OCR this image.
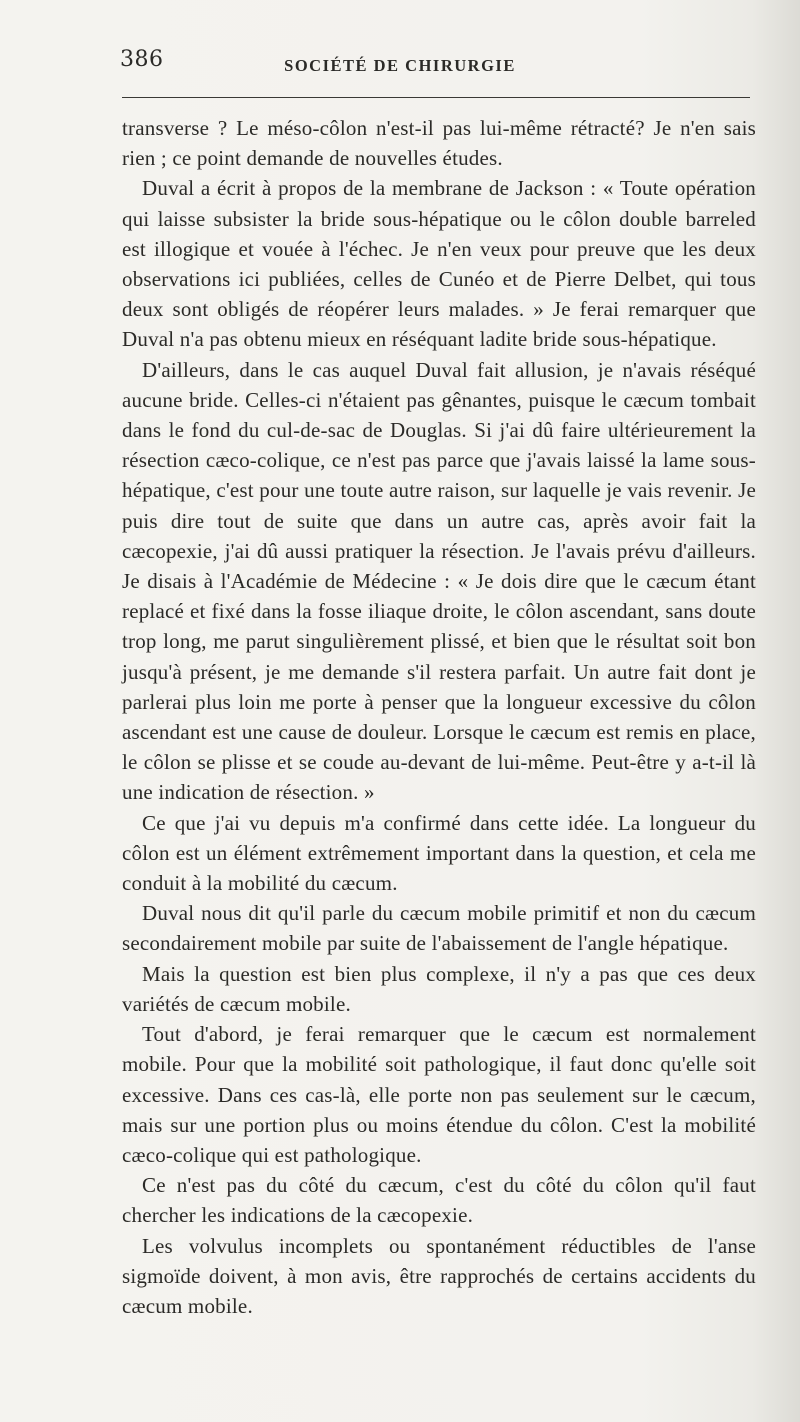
386	SOCIÉTÉ DE CHIRURGIE

transverse ? Le méso-côlon n'est-il pas lui-même rétracté? Je n'en sais rien ; ce point demande de nouvelles études.

Duval a écrit à propos de la membrane de Jackson : « Toute opération qui laisse subsister la bride sous-hépatique ou le côlon double barreled est illogique et vouée à l'échec. Je n'en veux pour preuve que les deux observations ici publiées, celles de Cunéo et de Pierre Delbet, qui tous deux sont obligés de réopérer leurs malades. » Je ferai remarquer que Duval n'a pas obtenu mieux en réséquant ladite bride sous-hépatique.

D'ailleurs, dans le cas auquel Duval fait allusion, je n'avais réséqué aucune bride. Celles-ci n'étaient pas gênantes, puisque le cæcum tombait dans le fond du cul-de-sac de Douglas. Si j'ai dû faire ultérieurement la résection cæco-colique, ce n'est pas parce que j'avais laissé la lame sous-hépatique, c'est pour une toute autre raison, sur laquelle je vais revenir. Je puis dire tout de suite que dans un autre cas, après avoir fait la cæcopexie, j'ai dû aussi pratiquer la résection. Je l'avais prévu d'ailleurs. Je disais à l'Académie de Médecine : « Je dois dire que le cæcum étant replacé et fixé dans la fosse iliaque droite, le côlon ascendant, sans doute trop long, me parut singulièrement plissé, et bien que le résultat soit bon jusqu'à présent, je me demande s'il restera parfait. Un autre fait dont je parlerai plus loin me porte à penser que la longueur excessive du côlon ascendant est une cause de douleur. Lorsque le cæcum est remis en place, le côlon se plisse et se coude au-devant de lui-même. Peut-être y a-t-il là une indication de résection. »

Ce que j'ai vu depuis m'a confirmé dans cette idée. La longueur du côlon est un élément extrêmement important dans la question, et cela me conduit à la mobilité du cæcum.

Duval nous dit qu'il parle du cæcum mobile primitif et non du cæcum secondairement mobile par suite de l'abaissement de l'angle hépatique.

Mais la question est bien plus complexe, il n'y a pas que ces deux variétés de cæcum mobile.

Tout d'abord, je ferai remarquer que le cæcum est normalement mobile. Pour que la mobilité soit pathologique, il faut donc qu'elle soit excessive. Dans ces cas-là, elle porte non pas seulement sur le cæcum, mais sur une portion plus ou moins étendue du côlon. C'est la mobilité cæco-colique qui est pathologique.

Ce n'est pas du côté du cæcum, c'est du côté du côlon qu'il faut chercher les indications de la cæcopexie.

Les volvulus incomplets ou spontanément réductibles de l'anse sigmoïde doivent, à mon avis, être rapprochés de certains accidents du cæcum mobile.
